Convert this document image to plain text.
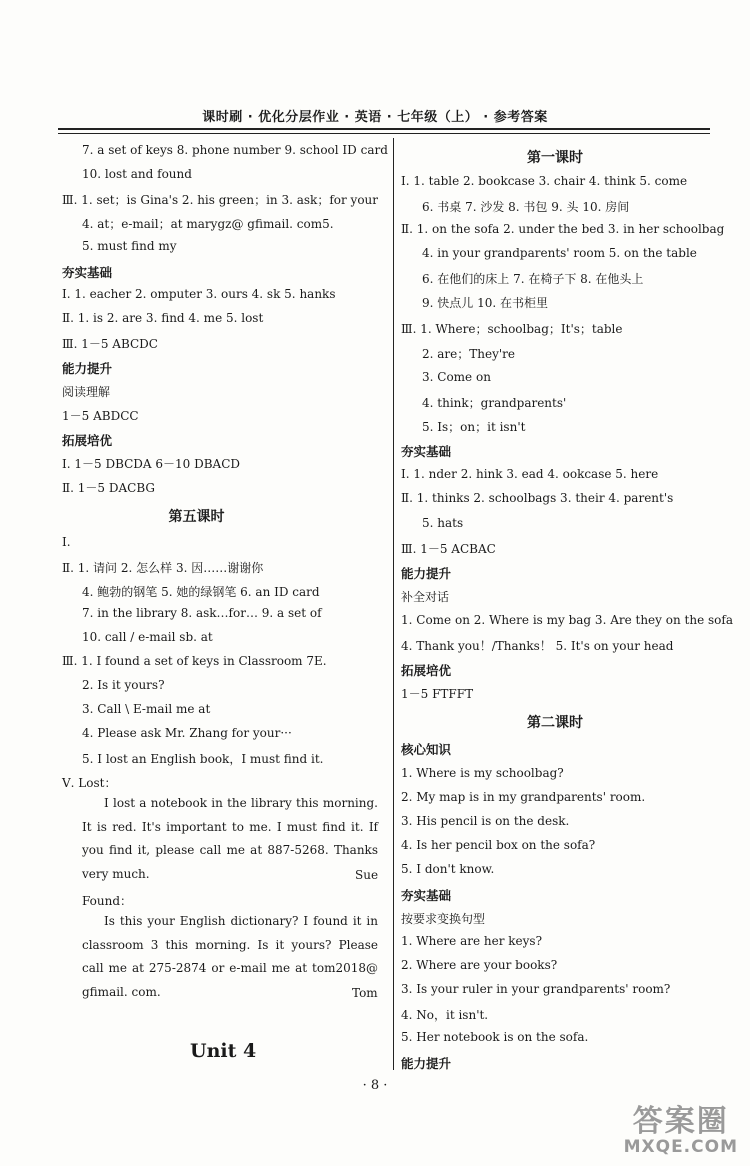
课时刷 · 优化分层作业 · 英语 · 七年级（上） · 参考答案
7. a set of keys 8. phone number 9. school ID card
10. lost and found
Ⅲ. 1. set；is Gina's 2. his green；in 3. ask；for your
4. at；e-mail；at marygz@ gfimail. com5.
5. must find my
夯实基础
Ⅰ. 1. eacher 2. omputer 3. ours 4. sk 5. hanks
Ⅱ. 1. is 2. are 3. find 4. me 5. lost
Ⅲ. 1－5 ABCDC
能力提升
阅读理解
1－5 ABDCC
拓展培优
Ⅰ. 1－5 DBCDA 6－10 DBACD
Ⅱ. 1－5 DACBG
第五课时
Ⅰ.
Ⅱ. 1. 请问 2. 怎么样 3. 因……谢谢你
4. 鲍勃的钢笔 5. 她的绿钢笔 6. an ID card
7. in the library 8. ask…for… 9. a set of
10. call / e-mail sb. at
Ⅲ. 1. I found a set of keys in Classroom 7E.
2. Is it yours?
3. Call \ E-mail me at
4. Please ask Mr. Zhang for your···
5. I lost an English book，I must find it.
Ⅴ. Lost：
I lost a notebook in the library this morning. It is red. It's important to me. I must find it. If you find it, please call me at 887-5268. Thanks very much.	Sue
Found：
Is this your English dictionary? I found it in classroom 3 this morning. Is it yours? Please call me at 275-2874 or e-mail me at tom2018@ gfimail. com.	Tom
Unit 4
第一课时
Ⅰ. 1. table 2. bookcase 3. chair 4. think 5. come
6. 书桌 7. 沙发 8. 书包 9. 头 10. 房间
Ⅱ. 1. on the sofa 2. under the bed 3. in her schoolbag
4. in your grandparents' room 5. on the table
6. 在他们的床上 7. 在椅子下 8. 在他头上
9. 快点儿 10. 在书柜里
Ⅲ. 1. Where；schoolbag；It's；table
2. are；They're
3. Come on
4. think；grandparents'
5. Is；on；it isn't
夯实基础
Ⅰ. 1. nder 2. hink 3. ead 4. ookcase 5. here
Ⅱ. 1. thinks 2. schoolbags 3. their 4. parent's
5. hats
Ⅲ. 1－5 ACBAC
能力提升
补全对话
1. Come on 2. Where is my bag 3. Are they on the sofa
4. Thank you！/Thanks！ 5. It's on your head
拓展培优
1－5 FTFFT
第二课时
核心知识
1. Where is my schoolbag?
2. My map is in my grandparents' room.
3. His pencil is on the desk.
4. Is her pencil box on the sofa?
5. I don't know.
夯实基础
按要求变换句型
1. Where are her keys?
2. Where are your books?
3. Is your ruler in your grandparents' room?
4. No，it isn't.
5. Her notebook is on the sofa.
能力提升
· 8 ·
答案圈
MXQE.COM
